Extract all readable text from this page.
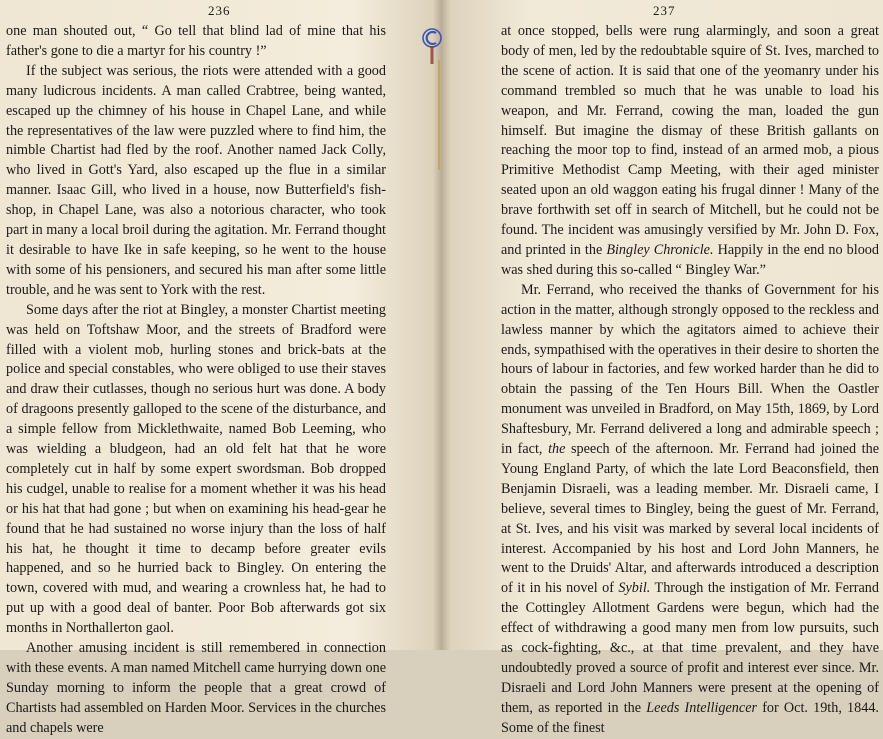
236

one man shouted out, “ Go tell that blind lad of mine that his father's gone to die a martyr for his country !”

If the subject was serious, the riots were attended with a good many ludicrous incidents. A man called Crabtree, being wanted, escaped up the chimney of his house in Chapel Lane, and while the representatives of the law were puzzled where to find him, the nimble Chartist had fled by the roof. Another named Jack Colly, who lived in Gott's Yard, also escaped up the flue in a similar manner. Isaac Gill, who lived in a house, now Butterfield's fish-shop, in Chapel Lane, was also a notorious character, who took part in many a local broil during the agitation. Mr. Ferrand thought it desirable to have Ike in safe keeping, so he went to the house with some of his pensioners, and secured his man after some little trouble, and he was sent to York with the rest.

Some days after the riot at Bingley, a monster Chartist meeting was held on Toftshaw Moor, and the streets of Bradford were filled with a violent mob, hurling stones and brick-bats at the police and special constables, who were obliged to use their staves and draw their cutlasses, though no serious hurt was done. A body of dragoons presently galloped to the scene of the disturbance, and a simple fellow from Micklethwaite, named Bob Leeming, who was wielding a bludgeon, had an old felt hat that he wore completely cut in half by some expert swordsman. Bob dropped his cudgel, unable to realise for a moment whether it was his head or his hat that had gone ; but when on examining his head-gear he found that he had sustained no worse injury than the loss of half his hat, he thought it time to decamp before greater evils happened, and so he hurried back to Bingley. On entering the town, covered with mud, and wearing a crownless hat, he had to put up with a good deal of banter. Poor Bob afterwards got six months in Northallerton gaol.

Another amusing incident is still remembered in connection with these events. A man named Mitchell came hurrying down one Sunday morning to inform the people that a great crowd of Chartists had assembled on Harden Moor. Services in the churches and chapels were

237

at once stopped, bells were rung alarmingly, and soon a great body of men, led by the redoubtable squire of St. Ives, marched to the scene of action. It is said that one of the yeomanry under his command trembled so much that he was unable to load his weapon, and Mr. Ferrand, cowing the man, loaded the gun himself. But imagine the dismay of these British gallants on reaching the moor top to find, instead of an armed mob, a pious Primitive Methodist Camp Meeting, with their aged minister seated upon an old waggon eating his frugal dinner ! Many of the brave forthwith set off in search of Mitchell, but he could not be found. The incident was amusingly versified by Mr. John D. Fox, and printed in the Bingley Chronicle. Happily in the end no blood was shed during this so-called “ Bingley War.”

Mr. Ferrand, who received the thanks of Government for his action in the matter, although strongly opposed to the reckless and lawless manner by which the agitators aimed to achieve their ends, sympathised with the operatives in their desire to shorten the hours of labour in factories, and few worked harder than he did to obtain the passing of the Ten Hours Bill. When the Oastler monument was unveiled in Bradford, on May 15th, 1869, by Lord Shaftesbury, Mr. Ferrand delivered a long and admirable speech ; in fact, the speech of the afternoon. Mr. Ferrand had joined the Young England Party, of which the late Lord Beaconsfield, then Benjamin Disraeli, was a leading member. Mr. Disraeli came, I believe, several times to Bingley, being the guest of Mr. Ferrand, at St. Ives, and his visit was marked by several local incidents of interest. Accompanied by his host and Lord John Manners, he went to the Druids' Altar, and afterwards introduced a description of it in his novel of Sybil. Through the instigation of Mr. Ferrand the Cottingley Allotment Gardens were begun, which had the effect of withdrawing a good many men from low pursuits, such as cock-fighting, &c., at that time prevalent, and they have undoubtedly proved a source of profit and interest ever since. Mr. Disraeli and Lord John Manners were present at the opening of them, as reported in the Leeds Intelligencer for Oct. 19th, 1844. Some of the finest
